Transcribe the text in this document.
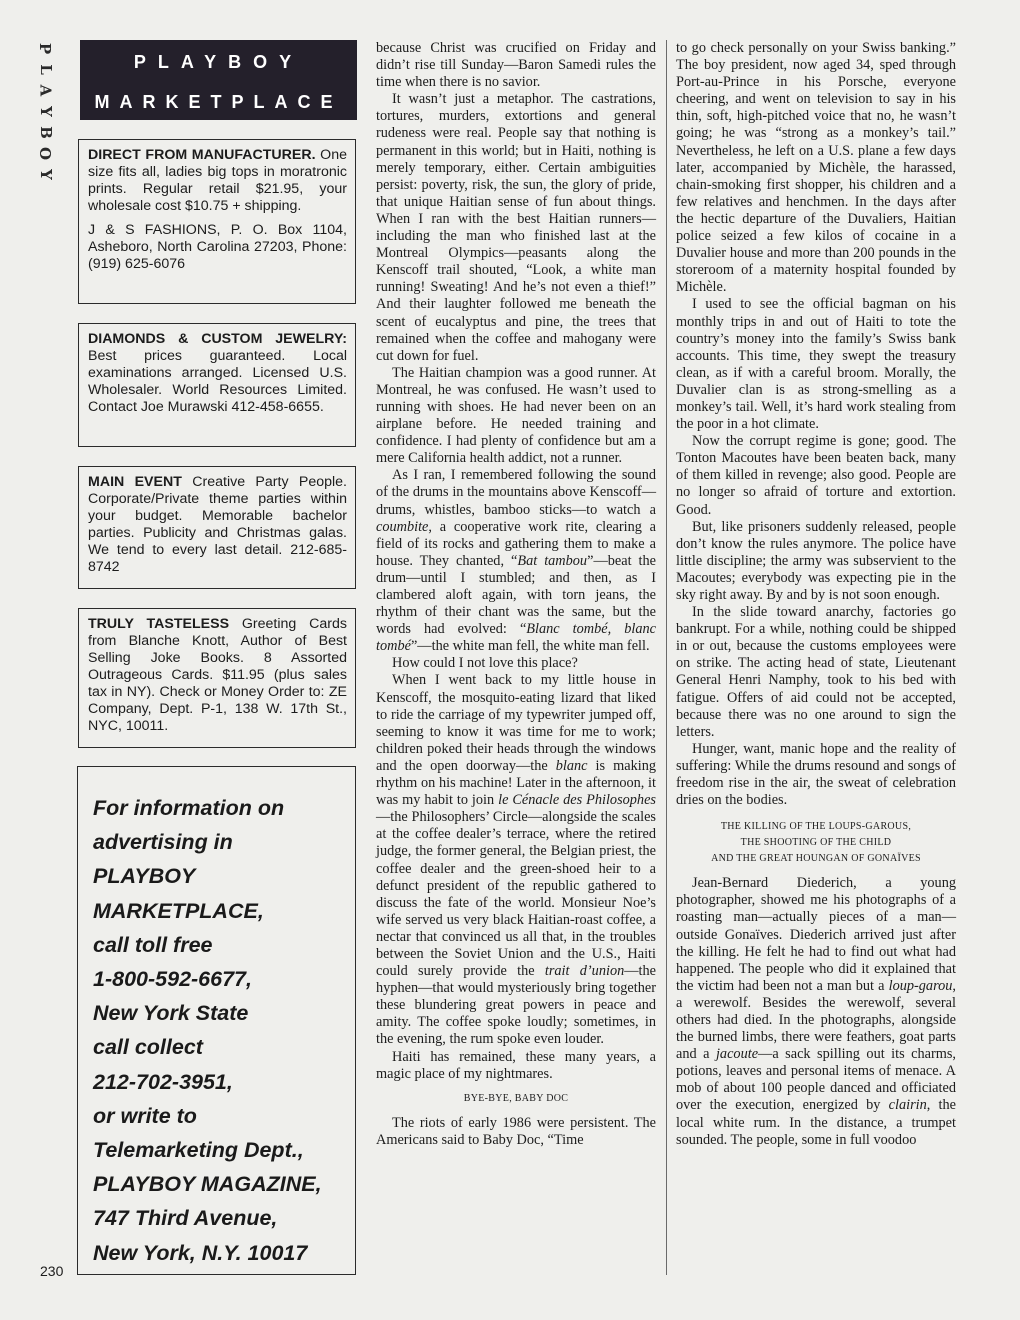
P
L
A
Y
B
O
Y
PLAYBOY
MARKETPLACE

DIRECT FROM MANUFACTURER. One size fits all, ladies big tops in moratronic prints. Regular retail $21.95, your wholesale cost $10.75 + shipping.

J & S FASHIONS, P. O. Box 1104, Asheboro, North Carolina 27203, Phone: (919) 625-6076

DIAMONDS & CUSTOM JEWELRY: Best prices guaranteed. Local examinations arranged. Licensed U.S. Wholesaler. World Resources Limited. Contact Joe Murawski 412-458-6655.

MAIN EVENT Creative Party People. Corporate/Private theme parties within your budget. Memorable bachelor parties. Publicity and Christmas galas. We tend to every last detail. 212-685-8742

TRULY TASTELESS Greeting Cards from Blanche Knott, Author of Best Selling Joke Books. 8 Assorted Outrageous Cards. $11.95 (plus sales tax in NY). Check or Money Order to: ZE Company, Dept. P-1, 138 W. 17th St., NYC, 10011.

For information on
advertising in
PLAYBOY
MARKETPLACE,
call toll free
1-800-592-6677,
New York State
call collect
212-702-3951,
or write to
Telemarketing Dept.,
PLAYBOY MAGAZINE,
747 Third Avenue,
New York, N.Y. 10017
230

because Christ was crucified on Friday and didn’t rise till Sunday—Baron Samedi rules the time when there is no savior.

It wasn’t just a metaphor. The castrations, tortures, murders, extortions and general rudeness were real. People say that nothing is permanent in this world; but in Haiti, nothing is merely temporary, either. Certain ambiguities persist: poverty, risk, the sun, the glory of pride, that unique Haitian sense of fun about things. When I ran with the best Haitian runners—including the man who finished last at the Montreal Olympics—peasants along the Kenscoff trail shouted, “Look, a white man running! Sweating! And he’s not even a thief!” And their laughter followed me beneath the scent of eucalyptus and pine, the trees that remained when the coffee and mahogany were cut down for fuel.

The Haitian champion was a good runner. At Montreal, he was confused. He wasn’t used to running with shoes. He had never been on an airplane before. He needed training and confidence. I had plenty of confidence but am a mere California health addict, not a runner.

As I ran, I remembered following the sound of the drums in the mountains above Kenscoff—drums, whistles, bamboo sticks—to watch a coumbite, a cooperative work rite, clearing a field of its rocks and gathering them to make a house. They chanted, “Bat tambou”—beat the drum—until I stumbled; and then, as I clambered aloft again, with torn jeans, the rhythm of their chant was the same, but the words had evolved: “Blanc tombé, blanc tombé”—the white man fell, the white man fell.

How could I not love this place?

When I went back to my little house in Kenscoff, the mosquito-eating lizard that liked to ride the carriage of my typewriter jumped off, seeming to know it was time for me to work; children poked their heads through the windows and the open doorway—the blanc is making rhythm on his machine! Later in the afternoon, it was my habit to join le Cénacle des Philosophes—the Philosophers’ Circle—alongside the scales at the coffee dealer’s terrace, where the retired judge, the former general, the Belgian priest, the coffee dealer and the green-shoed heir to a defunct president of the republic gathered to discuss the fate of the world. Monsieur Noe’s wife served us very black Haitian-roast coffee, a nectar that convinced us all that, in the troubles between the Soviet Union and the U.S., Haiti could surely provide the trait d’union—the hyphen—that would mysteriously bring together these blundering great powers in peace and amity. The coffee spoke loudly; sometimes, in the evening, the rum spoke even louder.

Haiti has remained, these many years, a magic place of my nightmares.

BYE-BYE, BABY DOC

The riots of early 1986 were persistent. The Americans said to Baby Doc, “Time

to go check personally on your Swiss banking.” The boy president, now aged 34, sped through Port-au-Prince in his Porsche, everyone cheering, and went on television to say in his thin, soft, high-pitched voice that no, he wasn’t going; he was “strong as a monkey’s tail.” Nevertheless, he left on a U.S. plane a few days later, accompanied by Michèle, the harassed, chain-smoking first shopper, his children and a few relatives and henchmen. In the days after the hectic departure of the Duvaliers, Haitian police seized a few kilos of cocaine in a Duvalier house and more than 200 pounds in the storeroom of a maternity hospital founded by Michèle.

I used to see the official bagman on his monthly trips in and out of Haiti to tote the country’s money into the family’s Swiss bank accounts. This time, they swept the treasury clean, as if with a careful broom. Morally, the Duvalier clan is as strong-smelling as a monkey’s tail. Well, it’s hard work stealing from the poor in a hot climate.

Now the corrupt regime is gone; good. The Tonton Macoutes have been beaten back, many of them killed in revenge; also good. People are no longer so afraid of torture and extortion. Good.

But, like prisoners suddenly released, people don’t know the rules anymore. The police have little discipline; the army was subservient to the Macoutes; everybody was expecting pie in the sky right away. By and by is not soon enough.

In the slide toward anarchy, factories go bankrupt. For a while, nothing could be shipped in or out, because the customs employees were on strike. The acting head of state, Lieutenant General Henri Namphy, took to his bed with fatigue. Offers of aid could not be accepted, because there was no one around to sign the letters.

Hunger, want, manic hope and the reality of suffering: While the drums resound and songs of freedom rise in the air, the sweat of celebration dries on the bodies.

THE KILLING OF THE LOUPS-GAROUS,
THE SHOOTING OF THE CHILD
AND THE GREAT HOUNGAN OF GONAÏVES

Jean-Bernard Diederich, a young photographer, showed me his photographs of a roasting man—actually pieces of a man—outside Gonaïves. Diederich arrived just after the killing. He felt he had to find out what had happened. The people who did it explained that the victim had been not a man but a loup-garou, a werewolf. Besides the werewolf, several others had died. In the photographs, alongside the burned limbs, there were feathers, goat parts and a jacoute—a sack spilling out its charms, potions, leaves and personal items of menace. A mob of about 100 people danced and officiated over the execution, energized by clairin, the local white rum. In the distance, a trumpet sounded. The people, some in full voodoo
